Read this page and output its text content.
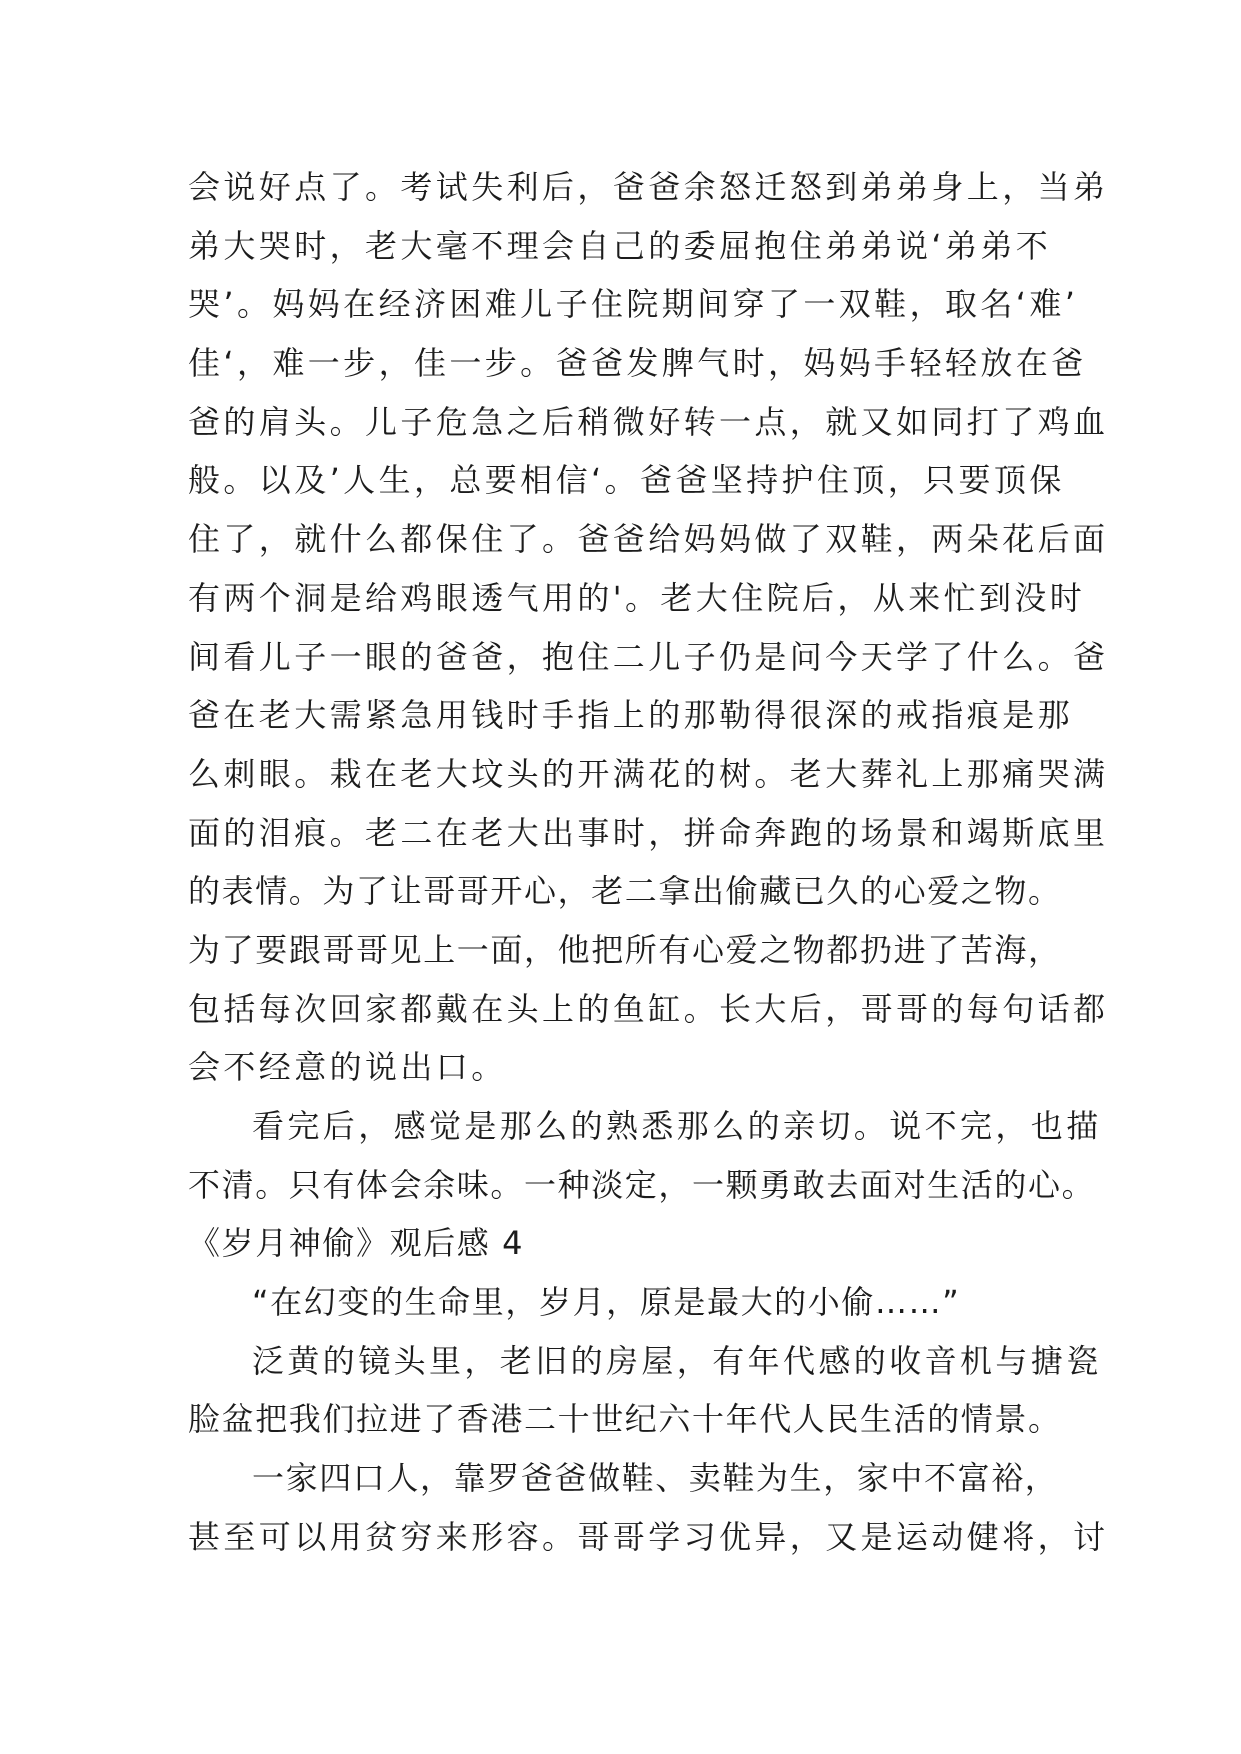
会说好点了。考试失利后，爸爸余怒迁怒到弟弟身上，当弟
弟大哭时，老大毫不理会自己的委屈抱住弟弟说‘弟弟不
哭’。妈妈在经济困难儿子住院期间穿了一双鞋，取名‘难’
佳‘，难一步，佳一步。爸爸发脾气时，妈妈手轻轻放在爸
爸的肩头。儿子危急之后稍微好转一点，就又如同打了鸡血
般。以及’人生，总要相信‘。爸爸坚持护住顶，只要顶保
住了，就什么都保住了。爸爸给妈妈做了双鞋，两朵花后面
有两个洞是给鸡眼透气用的'。老大住院后，从来忙到没时
间看儿子一眼的爸爸，抱住二儿子仍是问今天学了什么。爸
爸在老大需紧急用钱时手指上的那勒得很深的戒指痕是那
么刺眼。栽在老大坟头的开满花的树。老大葬礼上那痛哭满
面的泪痕。老二在老大出事时，拼命奔跑的场景和竭斯底里
的表情。为了让哥哥开心，老二拿出偷藏已久的心爱之物。
为了要跟哥哥见上一面，他把所有心爱之物都扔进了苦海，
包括每次回家都戴在头上的鱼缸。长大后，哥哥的每句话都
会不经意的说出口。
看完后，感觉是那么的熟悉那么的亲切。说不完，也描
不清。只有体会余味。一种淡定，一颗勇敢去面对生活的心。
《岁月神偷》观后感 4
“在幻变的生命里，岁月，原是最大的小偷……”
泛黄的镜头里，老旧的房屋，有年代感的收音机与搪瓷
脸盆把我们拉进了香港二十世纪六十年代人民生活的情景。
一家四口人，靠罗爸爸做鞋、卖鞋为生，家中不富裕，
甚至可以用贫穷来形容。哥哥学习优异，又是运动健将，讨
